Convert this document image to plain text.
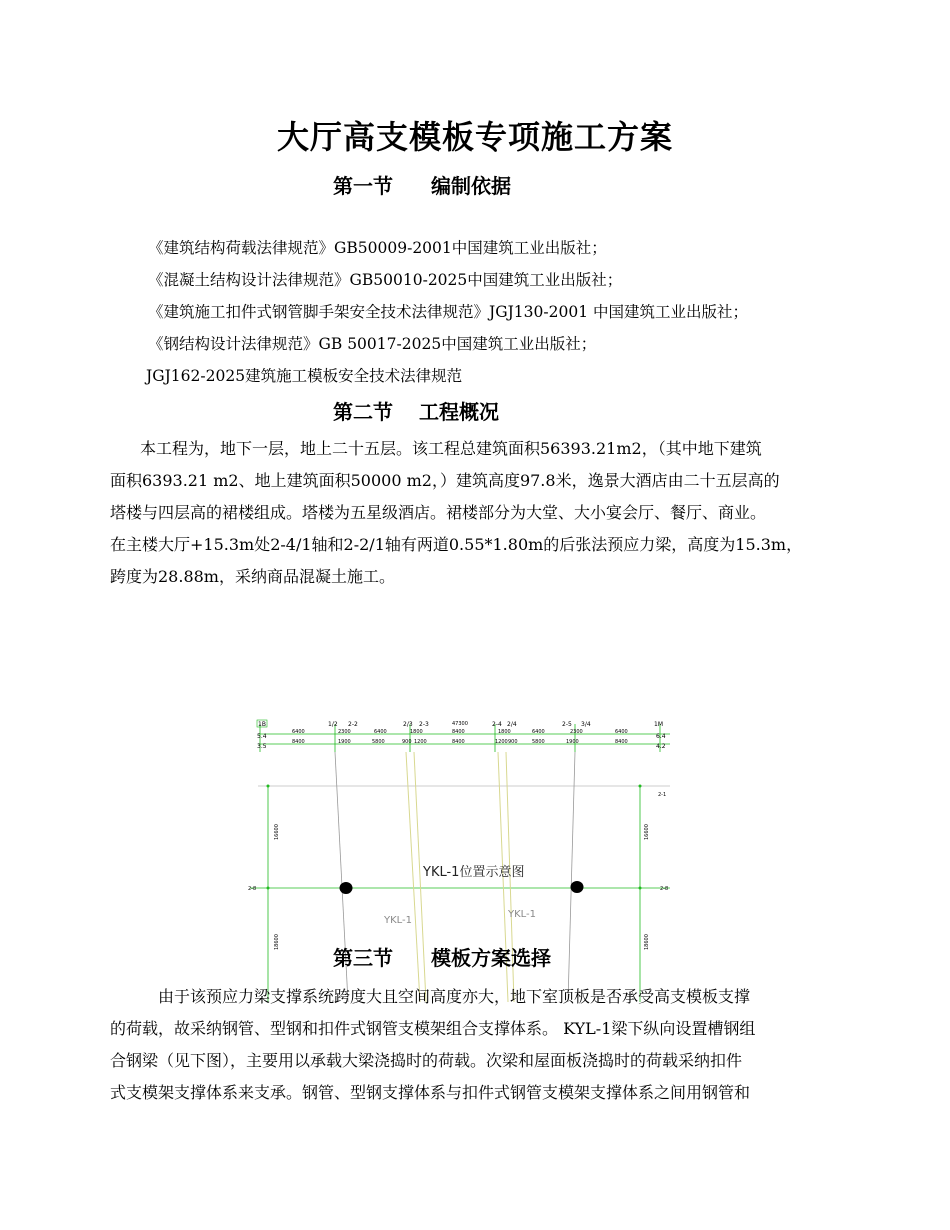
大厅高支模板专项施工方案
第一节 编制依据
《建筑结构荷载法律规范》GB50009-2001中国建筑工业出版社；
《混凝土结构设计法律规范》GB50010-2025中国建筑工业出版社；
《建筑施工扣件式钢管脚手架安全技术法律规范》JGJ130-2001 中国建筑工业出版社；
《钢结构设计法律规范》GB 50017-2025中国建筑工业出版社；
JGJ162-2025建筑施工模板安全技术法律规范
第二节 工程概况
本工程为，地下一层，地上二十五层。该工程总建筑面积56393.21m2，（其中地下建筑
面积6393.21 m2、地上建筑面积50000 m2，）建筑高度97.8米，逸景大酒店由二十五层高的
塔楼与四层高的裙楼组成。塔楼为五星级酒店。裙楼部分为大堂、大小宴会厅、餐厅、商业。
在主楼大厅+15.3m处2-4/1轴和2-2/1轴有两道0.55*1.80m的后张法预应力梁，高度为15.3m，
跨度为28.88m，采纳商品混凝土施工。
1B	1/2 2-2	2/3 2-3	2-4 2/4	2-5 3/4	1M
5.4
3.5
6.4
4.2
6400	2300	6400	1800	8400	1800	6400	2300	6400
47300
8400	1900	5800	900 1200	8400	1200 900	5800	1900	8400
2-1
2-8	2-8
16600	16600
18600	18600
YKL-1位置示意图
YKL-1
YKL-1
第三节 模板方案选择
由于该预应力梁支撑系统跨度大且空间高度亦大，地下室顶板是否承受高支模板支撑
的荷载，故采纳钢管、型钢和扣件式钢管支模架组合支撑体系。 KYL-1梁下纵向设置槽钢组
合钢梁（见下图），主要用以承载大梁浇捣时的荷载。次梁和屋面板浇捣时的荷载采纳扣件
式支模架支撑体系来支承。钢管、型钢支撑体系与扣件式钢管支模架支撑体系之间用钢管和
